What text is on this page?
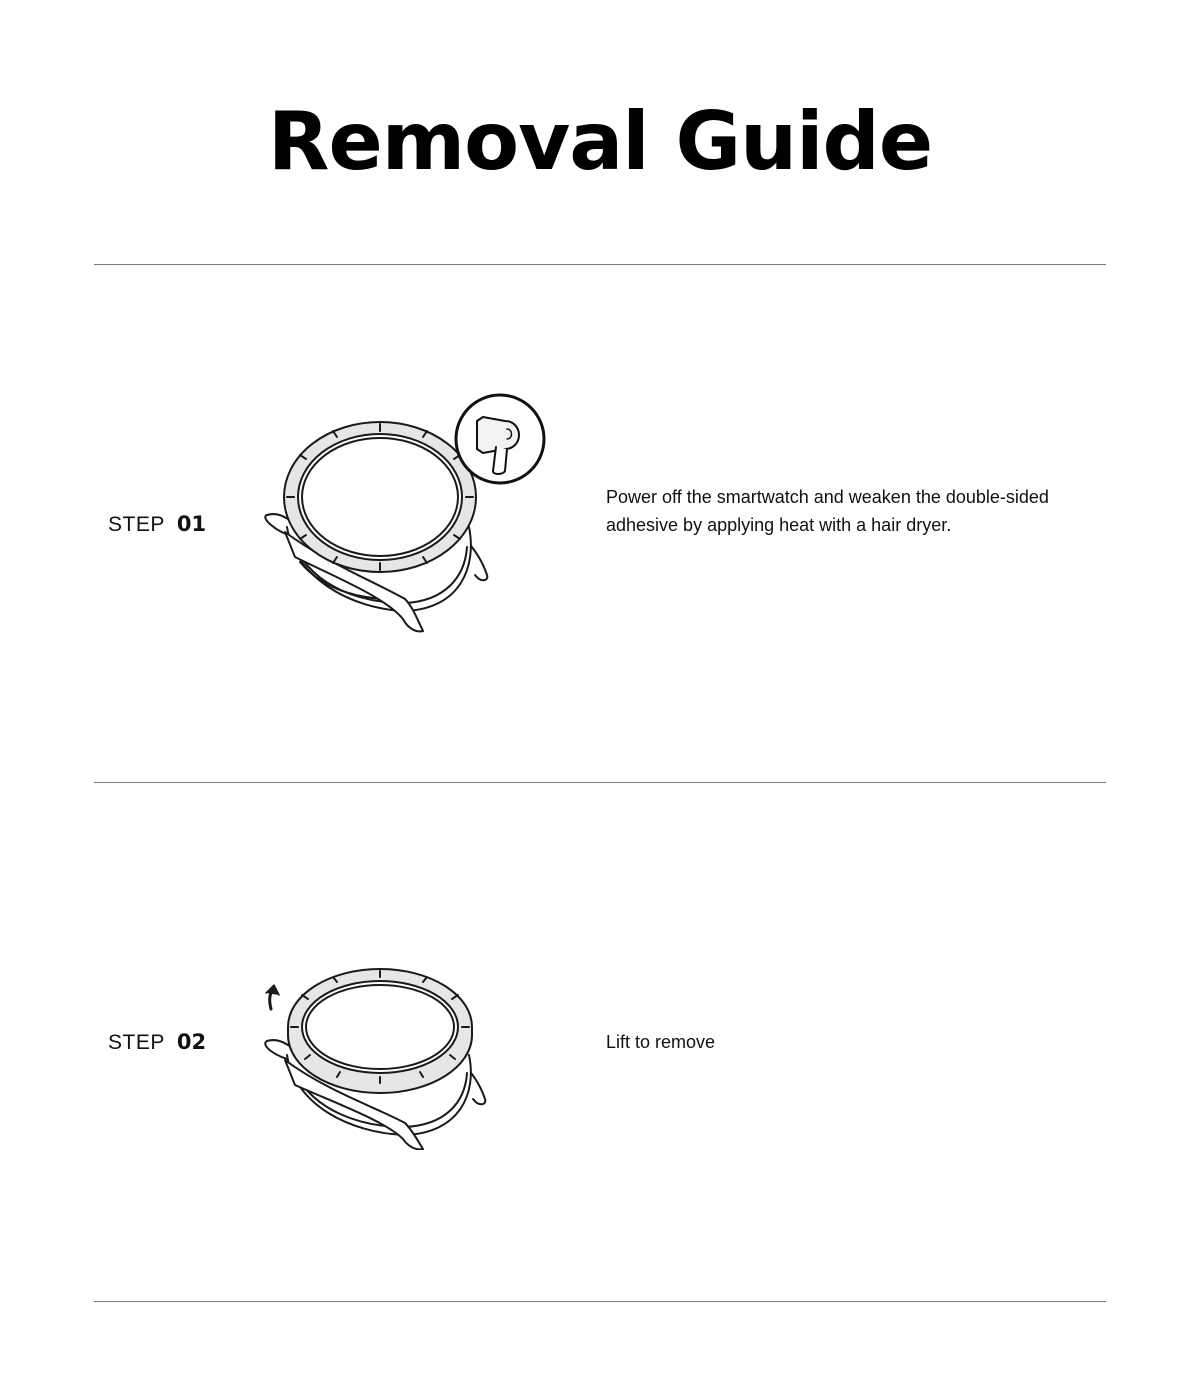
Removal Guide
STEP 01

Power off the smartwatch and weaken the double-sided adhesive by applying heat with a hair dryer.

STEP 02	Lift to remove
